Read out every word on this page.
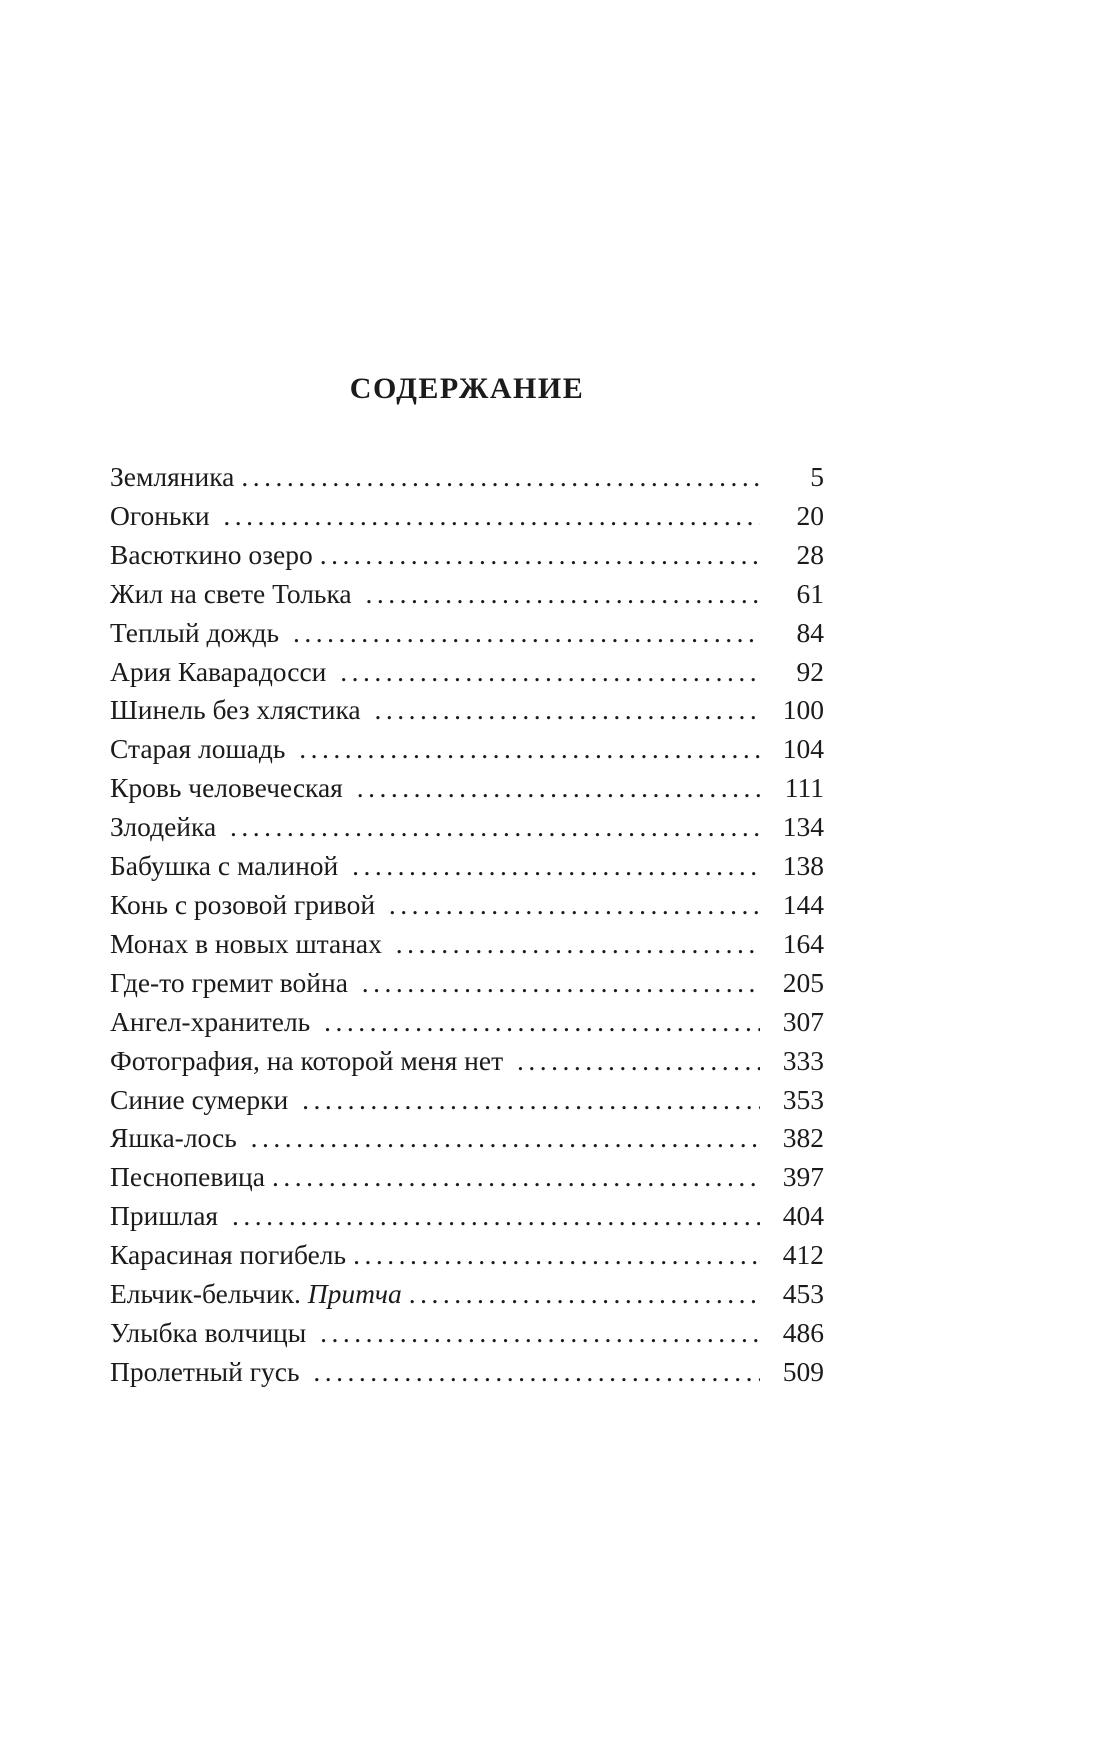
СОДЕРЖАНИЕ
Земляника .....	5
Огоньки .....	20
Васюткино озеро .....	28
Жил на свете Толька .....	61
Теплый дождь .....	84
Ария Каварадосси .....	92
Шинель без хлястика .....	100
Старая лошадь .....	104
Кровь человеческая .....	111
Злодейка .....	134
Бабушка с малиной .....	138
Конь с розовой гривой .....	144
Монах в новых штанах .....	164
Где-то гремит война .....	205
Ангел-хранитель .....	307
Фотография, на которой меня нет .....	333
Синие сумерки .....	353
Яшка-лось .....	382
Песнопевица .....	397
Пришлая .....	404
Карасиная погибель .....	412
Ельчик-бельчик. Притча .....	453
Улыбка волчицы .....	486
Пролетный гусь .....	509
